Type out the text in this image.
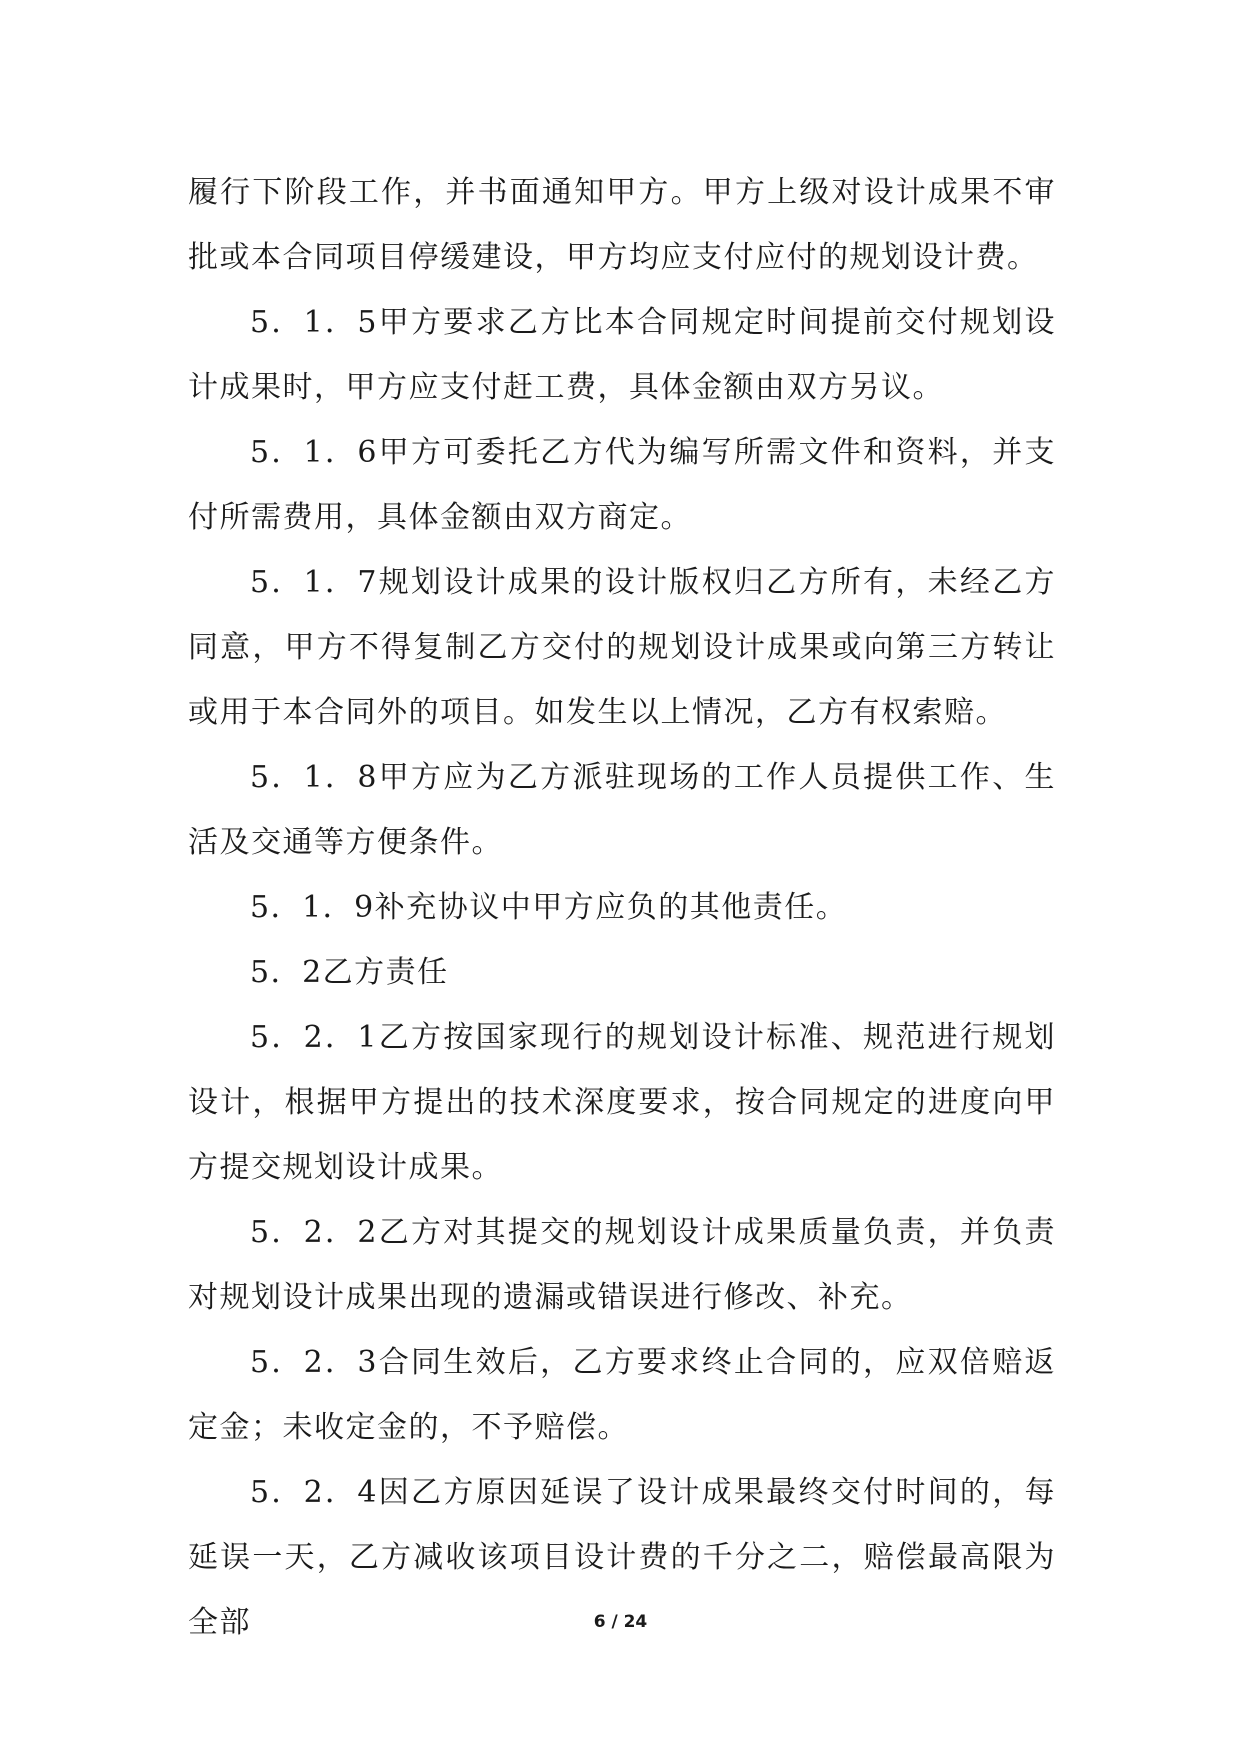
履行下阶段工作，并书面通知甲方。甲方上级对设计成果不审批或本合同项目停缓建设，甲方均应支付应付的规划设计费。

5．1．5甲方要求乙方比本合同规定时间提前交付规划设计成果时，甲方应支付赶工费，具体金额由双方另议。

5．1．6甲方可委托乙方代为编写所需文件和资料，并支付所需费用，具体金额由双方商定。

5．1．7规划设计成果的设计版权归乙方所有，未经乙方同意，甲方不得复制乙方交付的规划设计成果或向第三方转让或用于本合同外的项目。如发生以上情况，乙方有权索赔。

5．1．8甲方应为乙方派驻现场的工作人员提供工作、生活及交通等方便条件。

5．1．9补充协议中甲方应负的其他责任。

5．2乙方责任

5．2．1乙方按国家现行的规划设计标准、规范进行规划设计，根据甲方提出的技术深度要求，按合同规定的进度向甲方提交规划设计成果。

5．2．2乙方对其提交的规划设计成果质量负责，并负责对规划设计成果出现的遗漏或错误进行修改、补充。

5．2．3合同生效后，乙方要求终止合同的，应双倍赔返定金；未收定金的，不予赔偿。

5．2．4因乙方原因延误了设计成果最终交付时间的，每延误一天，乙方减收该项目设计费的千分之二，赔偿最高限为全部	6 / 24
